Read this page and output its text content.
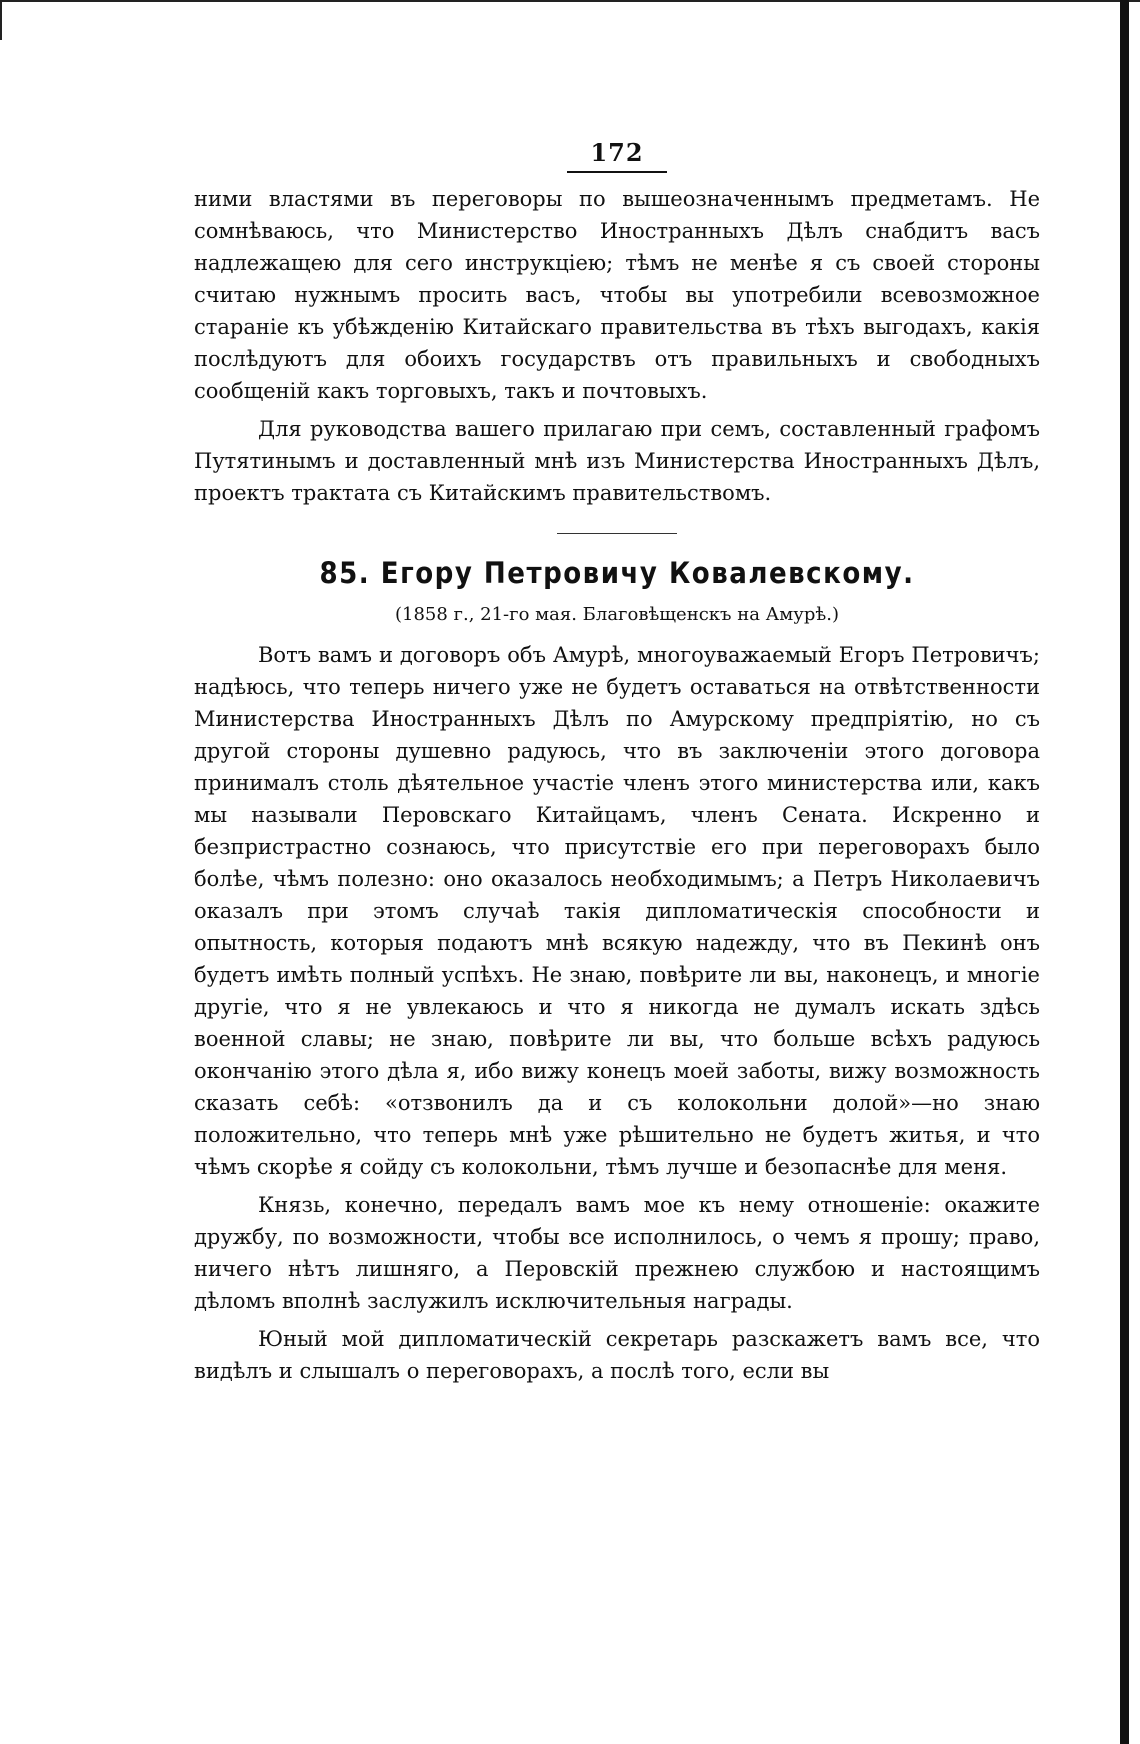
172

ними властями въ переговоры по вышеозначеннымъ предметамъ. Не сомнѣваюсь, что Министерство Иностранныхъ Дѣлъ снабдитъ васъ надлежащею для сего инструкціею; тѣмъ не менѣе я съ своей стороны считаю нужнымъ просить васъ, чтобы вы употребили всевозможное стараніе къ убѣжденію Китайскаго правительства въ тѣхъ выгодахъ, какія послѣдуютъ для обоихъ государствъ отъ правильныхъ и свободныхъ сообщеній какъ торговыхъ, такъ и почтовыхъ.

Для руководства вашего прилагаю при семъ, составленный графомъ Путятинымъ и доставленный мнѣ изъ Министерства Иностранныхъ Дѣлъ, проектъ трактата съ Китайскимъ правительствомъ.

85. Егору Петровичу Ковалевскому.
(1858 г., 21-го мая. Благовѣщенскъ на Амурѣ.)

Вотъ вамъ и договоръ объ Амурѣ, многоуважаемый Егоръ Петровичъ; надѣюсь, что теперь ничего уже не будетъ оставаться на отвѣтственности Министерства Иностранныхъ Дѣлъ по Амурскому предпріятію, но съ другой стороны душевно радуюсь, что въ заключеніи этого договора принималъ столь дѣятельное участіе членъ этого министерства или, какъ мы называли Перовскаго Китайцамъ, членъ Сената. Искренно и безпристрастно сознаюсь, что присутствіе его при переговорахъ было болѣе, чѣмъ полезно: оно оказалось необходимымъ; а Петръ Николаевичъ оказалъ при этомъ случаѣ такія дипломатическія способности и опытность, которыя подаютъ мнѣ всякую надежду, что въ Пекинѣ онъ будетъ имѣть полный успѣхъ. Не знаю, повѣрите ли вы, наконецъ, и многіе другіе, что я не увлекаюсь и что я никогда не думалъ искать здѣсь военной славы; не знаю, повѣрите ли вы, что больше всѣхъ радуюсь окончанію этого дѣла я, ибо вижу конецъ моей заботы, вижу возможность сказать себѣ: «отзвонилъ да и съ колокольни долой»—но знаю положительно, что теперь мнѣ уже рѣшительно не будетъ житья, и что чѣмъ скорѣе я сойду съ колокольни, тѣмъ лучше и безопаснѣе для меня.

Князь, конечно, передалъ вамъ мое къ нему отношеніе: окажите дружбу, по возможности, чтобы все исполнилось, о чемъ я прошу; право, ничего нѣтъ лишняго, а Перовскій прежнею службою и настоящимъ дѣломъ вполнѣ заслужилъ исключительныя награды.

Юный мой дипломатическій секретарь разскажетъ вамъ все, что видѣлъ и слышалъ о переговорахъ, а послѣ того, если вы
